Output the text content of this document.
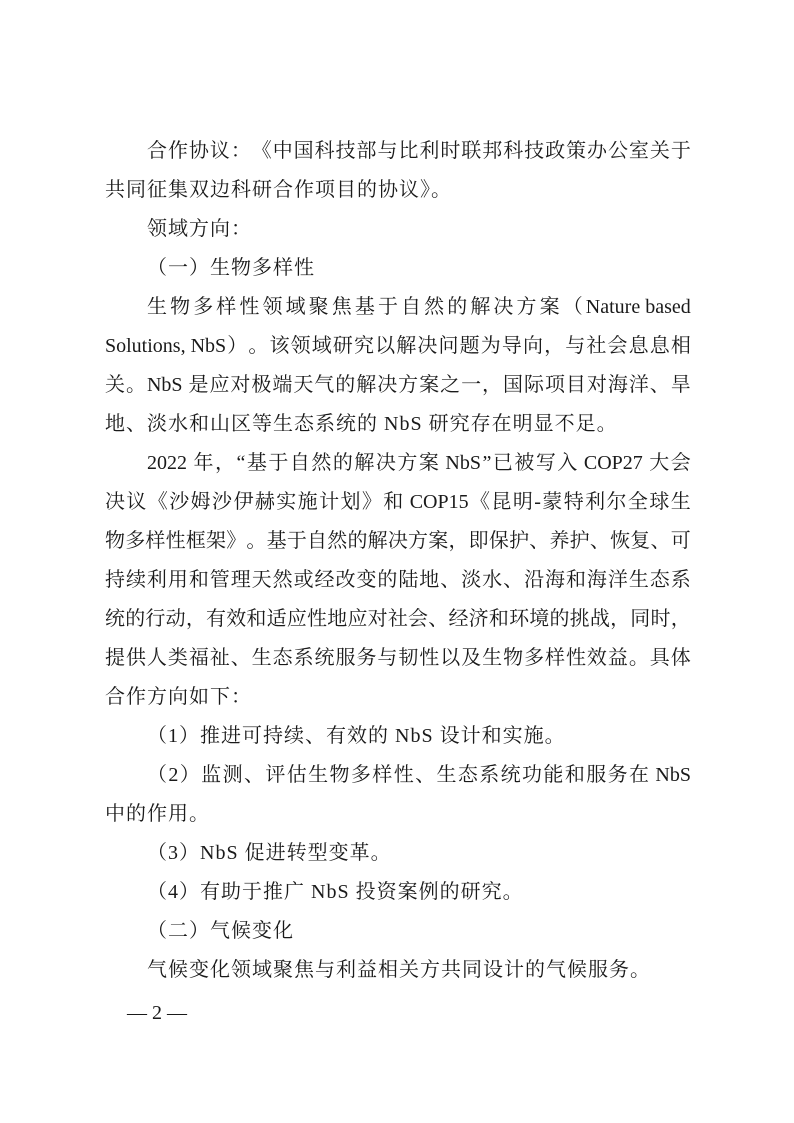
合 作 协 议 ： 《 中 国 科 技 部 与 比 利 时 联 邦 科 技 政 策 办 公 室 关 于
共同征集双边科研合作项目的协议》。
领域方向：
（一）生物多样性
生 物 多 样 性 领 域 聚 焦 基 于 自 然 的 解 决 方 案 （ Nature based
Solutions, NbS ） 。 该 领 域 研 究 以 解 决 问 题 为 导 向 ， 与 社 会 息 息 相
关 。 NbS 是 应 对 极 端 天 气 的 解 决 方 案 之 一 ， 国 际 项 目 对 海 洋 、 旱
地、淡水和山区等生态系统的 NbS 研究存在明显不足。
2022 年 ， “ 基 于 自 然 的 解 决 方 案 NbS ” 已 被 写 入 COP27 大 会
决 议 《 沙 姆 沙 伊 赫 实 施 计 划 》 和 COP15 《 昆 明 - 蒙 特 利 尔 全 球 生
物 多 样 性 框 架 》 。 基 于 自 然 的 解 决 方 案 ， 即 保 护 、 养 护 、 恢 复 、 可
持 续 利 用 和 管 理 天 然 或 经 改 变 的 陆 地 、 淡 水 、 沿 海 和 海 洋 生 态 系
统 的 行 动 ， 有 效 和 适 应 性 地 应 对 社 会 、 经 济 和 环 境 的 挑 战 ， 同 时 ，
提 供 人 类 福 祉 、 生 态 系 统 服 务 与 韧 性 以 及 生 物 多 样 性 效 益 。 具 体
合作方向如下：
（1）推进可持续、有效的 NbS 设计和实施。
（ 2 ） 监 测 、 评 估 生 物 多 样 性 、 生 态 系 统 功 能 和 服 务 在 NbS
中的作用。
（3）NbS 促进转型变革。
（4）有助于推广 NbS 投资案例的研究。
（二）气候变化
气候变化领域聚焦与利益相关方共同设计的气候服务。
— 2 —
